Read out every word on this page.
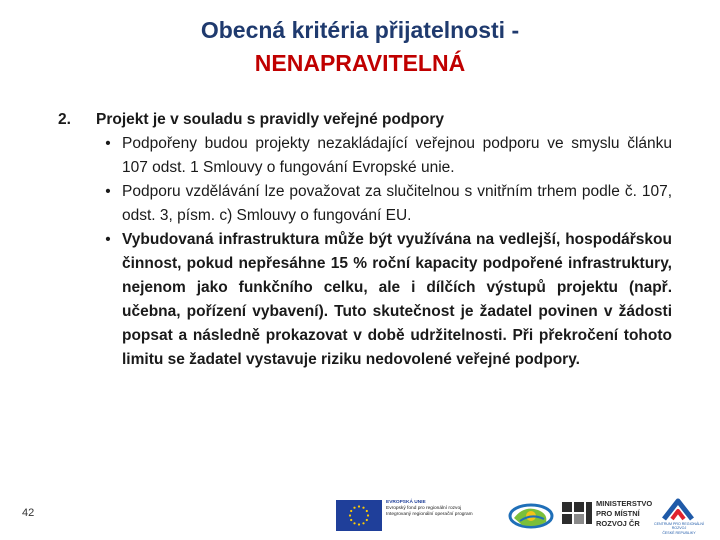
Obecná kritéria přijatelnosti -
NENAPRAVITELNÁ
2.	Projekt je v souladu s pravidly veřejné podpory
• Podpořeny budou projekty nezakládající veřejnou podporu ve smyslu článku 107 odst. 1 Smlouvy o fungování Evropské unie.
• Podporu vzdělávání lze považovat za slučitelnou s vnitřním trhem podle č. 107, odst. 3, písm. c) Smlouvy o fungování EU.
• Vybudovaná infrastruktura může být využívána na vedlejší, hospodářskou činnost, pokud nepřesáhne 15 % roční kapacity podpořené infrastruktury, nejenom jako funkčního celku, ale i dílčích výstupů projektu (např. učebna, pořízení vybavení). Tuto skutečnost je žadatel povinen v žádosti popsat a následně prokazovat v době udržitelnosti. Při překročení tohoto limitu se žadatel vystavuje riziku nedovolené veřejné podpory.
42
EVROPSKÁ UNIE
Evropský fond pro regionální rozvoj
Integrovaný regionální operační program
MINISTERSTVO
PRO MÍSTNÍ
ROZVOJ ČR	CENTRUM PRO REGIONÁLNÍ ROZVOJ
ČESKÉ REPUBLIKY
